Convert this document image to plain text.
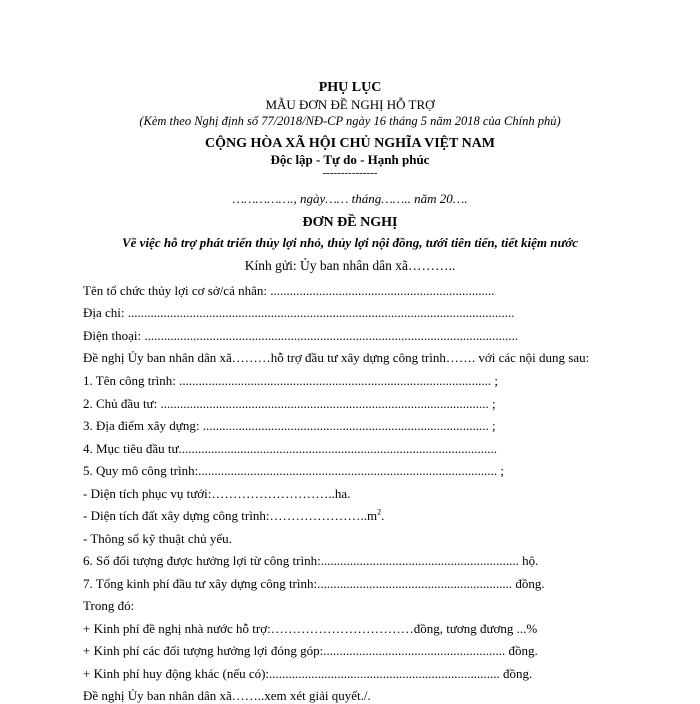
PHỤ LỤC
MẪU ĐƠN ĐỀ NGHỊ HỖ TRỢ
(Kèm theo Nghị định số 77/2018/NĐ-CP ngày 16 tháng 5 năm 2018 của Chính phủ)
CỘNG HÒA XÃ HỘI CHỦ NGHĨA VIỆT NAM
Độc lập - Tự do - Hạnh phúc
---------------
……………., ngày…… tháng…….. năm 20….
ĐƠN ĐỀ NGHỊ
Về việc hỗ trợ phát triển thủy lợi nhỏ, thủy lợi nội đồng, tưới tiên tiến, tiết kiệm nước
Kính gửi: Ủy ban nhân dân xã………..
Tên tổ chức thủy lợi cơ sở/cá nhân: .....................................................................
Địa chỉ: .......................................................................................................................
Điện thoại: ...................................................................................................................
Đề nghị Ủy ban nhân dân xã………hỗ trợ đầu tư xây dựng công trình……. với các nội dung sau:
1. Tên công trình: ................................................................................................ ;
2. Chủ đầu tư: ..................................................................................................... ;
3. Địa điểm xây dựng: ........................................................................................ ;
4. Mục tiêu đầu tư..................................................................................................
5. Quy mô công trình:............................................................................................ ;
- Diện tích phục vụ tưới:………………………..ha.
- Diện tích đất xây dựng công $trình:\dots\dots\dots\dots\dots\dots\dots..m^2$.
- Thông số kỹ thuật chủ yếu.
6. Số đối tượng được hưởng lợi từ công trình:............................................................. hộ.
7. Tổng kinh phí đầu tư xây dựng công trình:............................................................ đồng.
Trong đó:
+ Kinh phí đề nghị nhà nước hỗ trợ:……………………………đồng, tương đương ...%
+ Kinh phí các đối tượng hưởng lợi đóng góp:........................................................ đồng.
+ Kinh phí huy động khác (nếu có):....................................................................... đồng.
Đề nghị Ủy ban nhân dân xã……..xem xét giải quyết./.
